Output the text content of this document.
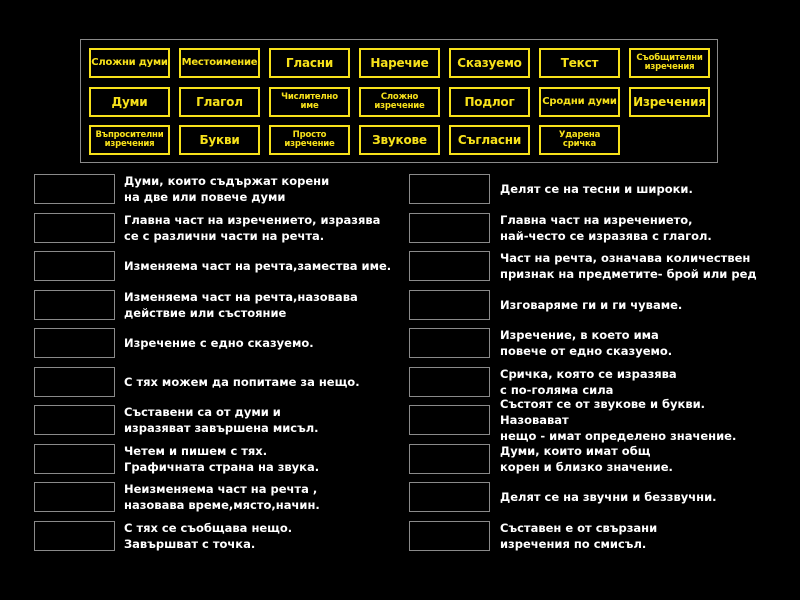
Сложни думи Местоимение	Гласни	Наречие	Сказуемо	Текст	Съобщителни изречения
Думи	Глагол	Числително име
Сложно изречение	Подлог	Сродни думи	Изречения
Въпросителни изречения	Букви	Просто изречение	Звукове	Съгласни	Ударена сричка
Думи, които съдържат корени
на две или повече думи
Главна част на изречението, изразява
се с различни части на речта.
Изменяема част на речта,замества име.
Изменяема част на речта,назовава
действие или състояние
Изречение с едно сказуемо.
С тях можем да попитаме за нещо.
Съставени са от думи и
изразяват завършена мисъл.
Четем и пишем с тях.
Графичната страна на звука.
Неизменяема част на речта ,
назовава време,място,начин.
С тях се съобщава нещо.
Завършват с точка.
Делят се на тесни и широки.
Главна част на изречението,
най-често се изразява с глагол.
Част на речта, означава количествен
признак на предметите- брой или ред
Изговаряме ги и ги чуваме.
Изречение, в което има
повече от едно сказуемо.
Сричка, която се изразява
с по-голяма сила
Състоят се от звукове и букви. Назовават
нещо - имат определено значение.
Думи, които имат общ
корен и близко значение.
Делят се на звучни и беззвучни.
Съставен е от свързани
изречения по смисъл.
